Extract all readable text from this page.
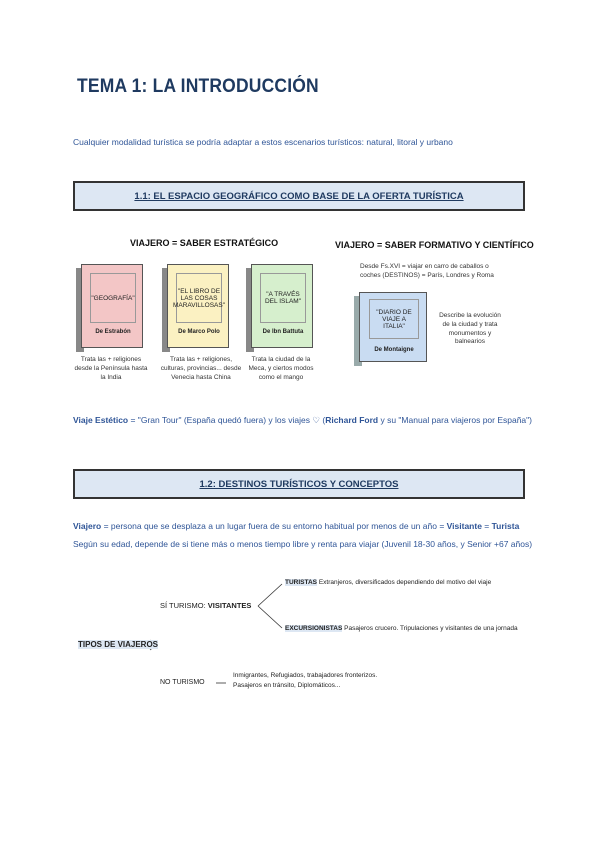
TEMA 1: LA INTRODUCCIÓN
Cualquier modalidad turística se podría adaptar a estos escenarios turísticos: natural, litoral y urbano
1.1: EL ESPACIO GEOGRÁFICO COMO BASE DE LA OFERTA TURÍSTICA
VIAJERO = SABER ESTRATÉGICO
"GEOGRAFÍA"
De Estrabón
"EL LIBRO DE LAS COSAS MARAVILLOSAS"
De Marco Polo
"A TRAVÉS DEL ISLAM"
De Ibn Battuta
Trata las + religiones desde la Península hasta la India
Trata las + religiones, culturas, provincias... desde Venecia hasta China
Trata la ciudad de la Meca, y ciertos modos como el mango
VIAJERO = SABER FORMATIVO Y CIENTÍFICO
Desde Fs.XVI = viajar en carro de caballos o coches (DESTINOS) = París, Londres y Roma
"DIARIO DE VIAJE A ITALIA"
De Montaigne
Describe la evolución de la ciudad y trata monumentos y balnearios
Viaje Estético = "Gran Tour" (España quedó fuera) y los viajes ♡ (Richard Ford y su "Manual para viajeros por España")
1.2: DESTINOS TURÍSTICOS Y CONCEPTOS
Viajero = persona que se desplaza a un lugar fuera de su entorno habitual por menos de un año = Visitante = Turista
Según su edad, depende de si tiene más o menos tiempo libre y renta para viajar (Juvenil 18-30 años, y Senior +67 años)
SÍ TURISMO: VISITANTES
TURISTAS Extranjeros, diversificados dependiendo del motivo del viaje
EXCURSIONISTAS Pasajeros crucero. Tripulaciones y visitantes de una jornada
TIPOS DE VIAJEROS
NO TURISMO
Inmigrantes, Refugiados, trabajadores fronterizos.
Pasajeros en tránsito, Diplomáticos...
